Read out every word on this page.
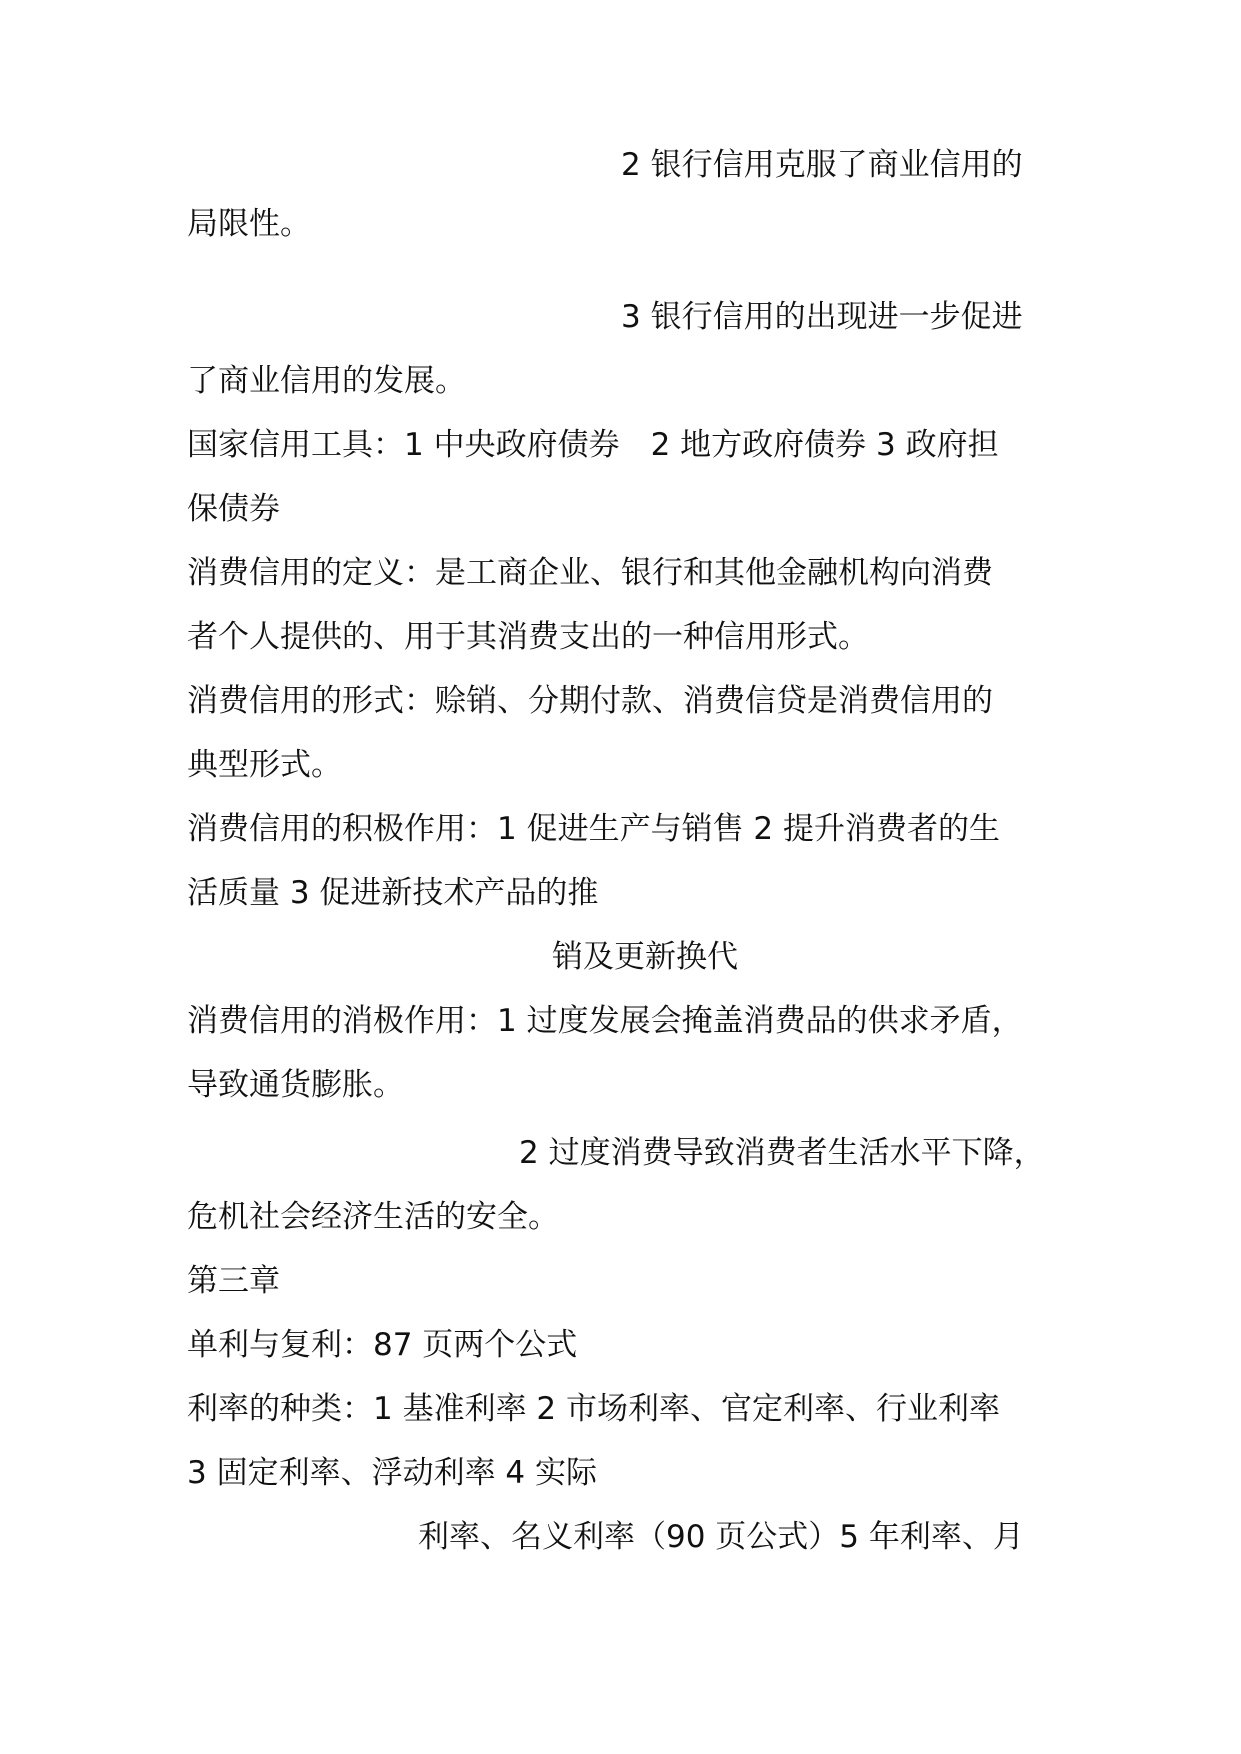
2 银行信用克服了商业信用的
局限性。
3 银行信用的出现进一步促进
了商业信用的发展。
国家信用工具：1 中央政府债券　2 地方政府债券 3 政府担
保债券
消费信用的定义：是工商企业、银行和其他金融机构向消费
者个人提供的、用于其消费支出的一种信用形式。
消费信用的形式：赊销、分期付款、消费信贷是消费信用的
典型形式。
消费信用的积极作用：1 促进生产与销售 2 提升消费者的生
活质量 3 促进新技术产品的推
销及更新换代
消费信用的消极作用：1 过度发展会掩盖消费品的供求矛盾，
导致通货膨胀。
2 过度消费导致消费者生活水平下降，
危机社会经济生活的安全。
第三章
单利与复利：87 页两个公式
利率的种类：1 基准利率 2 市场利率、官定利率、行业利率
3 固定利率、浮动利率 4 实际
利率、名义利率（90 页公式）5 年利率、月
